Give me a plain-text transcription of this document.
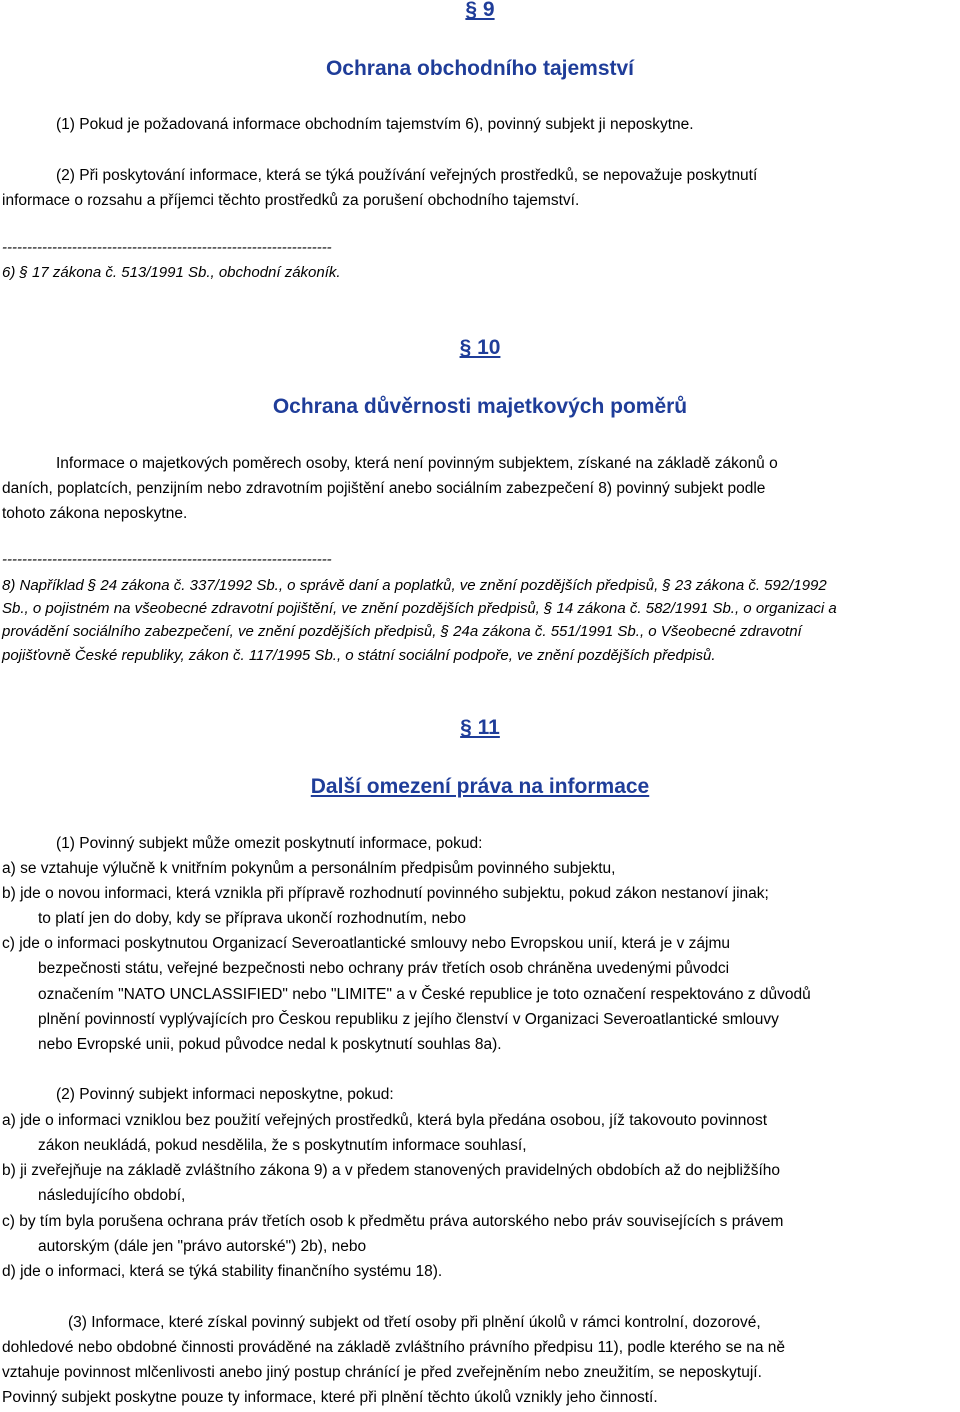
§ 9
Ochrana obchodního tajemství
(1) Pokud je požadovaná informace obchodním tajemstvím 6), povinný subjekt ji neposkytne.
(2) Při poskytování informace, která se týká používání veřejných prostředků, se nepovažuje poskytnutí
informace o rozsahu a příjemci těchto prostředků za porušení obchodního tajemství.
------------------------------------------------------------------
6) § 17 zákona č. 513/1991 Sb., obchodní zákoník.
§ 10
Ochrana důvěrnosti majetkových poměrů
Informace o majetkových poměrech osoby, která není povinným subjektem, získané na základě zákonů o
daních, poplatcích, penzijním nebo zdravotním pojištění anebo sociálním zabezpečení 8) povinný subjekt podle
tohoto zákona neposkytne.
------------------------------------------------------------------
8) Například § 24 zákona č. 337/1992 Sb., o správě daní a poplatků, ve znění pozdějších předpisů, § 23 zákona č. 592/1992
Sb., o pojistném na všeobecné zdravotní pojištění, ve znění pozdějších předpisů, § 14 zákona č. 582/1991 Sb., o organizaci a
provádění sociálního zabezpečení, ve znění pozdějších předpisů, § 24a zákona č. 551/1991 Sb., o Všeobecné zdravotní
pojišťovně České republiky, zákon č. 117/1995 Sb., o státní sociální podpoře, ve znění pozdějších předpisů.
§ 11
Další omezení práva na informace
(1) Povinný subjekt může omezit poskytnutí informace, pokud:
a) se vztahuje výlučně k vnitřním pokynům a personálním předpisům povinného subjektu,
b) jde o novou informaci, která vznikla při přípravě rozhodnutí povinného subjektu, pokud zákon nestanoví jinak;
to platí jen do doby, kdy se příprava ukončí rozhodnutím, nebo
c) jde o informaci poskytnutou Organizací Severoatlantické smlouvy nebo Evropskou unií, která je v zájmu
bezpečnosti státu, veřejné bezpečnosti nebo ochrany práv třetích osob chráněna uvedenými původci
označením "NATO UNCLASSIFIED" nebo "LIMITE" a v České republice je toto označení respektováno z důvodů
plnění povinností vyplývajících pro Českou republiku z jejího členství v Organizaci Severoatlantické smlouvy
nebo Evropské unii, pokud původce nedal k poskytnutí souhlas 8a).
(2) Povinný subjekt informaci neposkytne, pokud:
a) jde o informaci vzniklou bez použití veřejných prostředků, která byla předána osobou, jíž takovouto povinnost
zákon neukládá, pokud nesdělila, že s poskytnutím informace souhlasí,
b) ji zveřejňuje na základě zvláštního zákona 9) a v předem stanovených pravidelných obdobích až do nejbližšího
následujícího období,
c) by tím byla porušena ochrana práv třetích osob k předmětu práva autorského nebo práv souvisejících s právem
autorským (dále jen "právo autorské") 2b), nebo
d) jde o informaci, která se týká stability finančního systému 18).
(3) Informace, které získal povinný subjekt od třetí osoby při plnění úkolů v rámci kontrolní, dozorové,
dohledové nebo obdobné činnosti prováděné na základě zvláštního právního předpisu 11), podle kterého se na ně
vztahuje povinnost mlčenlivosti anebo jiný postup chránící je před zveřejněním nebo zneužitím, se neposkytují.
Povinný subjekt poskytne pouze ty informace, které při plnění těchto úkolů vznikly jeho činností.
